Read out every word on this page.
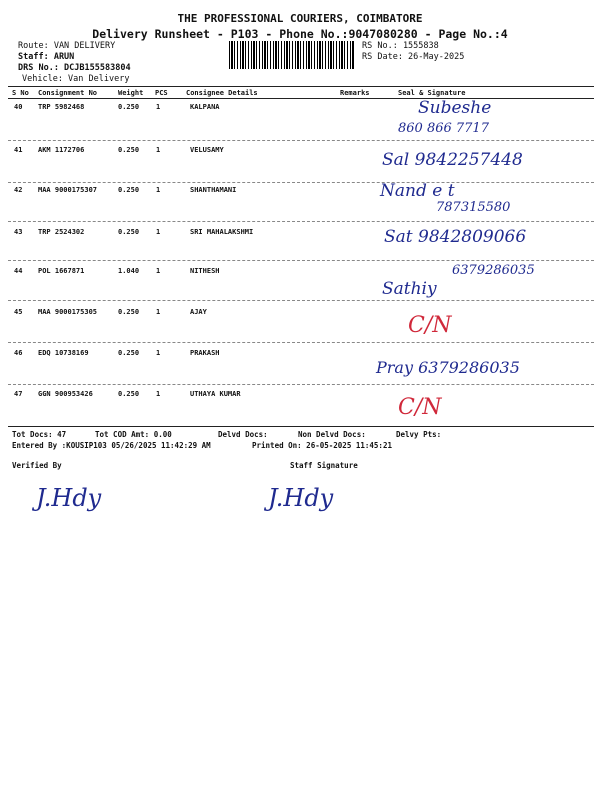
THE PROFESSIONAL COURIERS, COIMBATORE
Delivery Runsheet - P103 - Phone No.:9047080280 - Page No.:4
Route: VAN DELIVERY
Staff: ARUN
DRS No.: DCJB155583804
Vehicle: Van Delivery
RS No.: 1555838
RS Date: 26-May-2025
S No Consignment No	Weight PCS	Consignee Details	Remarks	Seal & Signature
40 TRP 5982468	0.250 1	KALPANA	Subeshe
860 866 7717
41 AKM 1172706	0.250 1	VELUSAMY	Sal 9842257448
42 MAA 9000175307	0.250 1	SHANTHAMANI	Nand e t
787315580
43 TRP 2524302	0.250 1	SRI MAHALAKSHMI	Sat 9842809066
44 POL 1667871	1.040 1	NITHESH	6379286035
Sathiy
45 MAA 9000175305	0.250 1	AJAY
C/N
46 EDQ 10738169	0.250 1	PRAKASH
Pray 6379286035
47 GGN 900953426	0.250 1	UTHAYA KUMAR
C/N
Tot Docs: 47	Tot COD Amt: 0.00	Delvd Docs:	Non Delvd Docs:	Delvy Pts:
Entered By :KOUSIP103 05/26/2025 11:42:29 AM	Printed On: 26-05-2025 11:45:21
Verified By	Staff Signature
J.Hdy	J.Hdy
